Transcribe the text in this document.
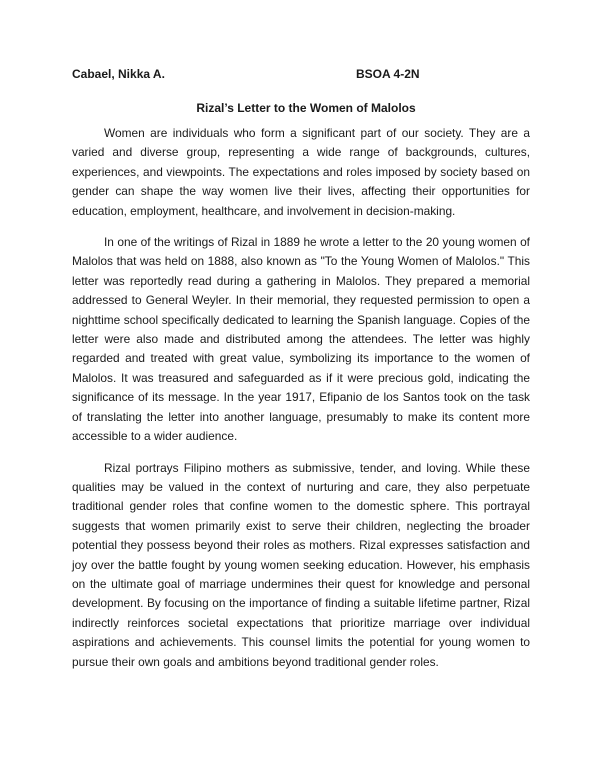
Cabael, Nikka A.	BSOA 4-2N
Rizal’s Letter to the Women of Malolos

Women are individuals who form a significant part of our society. They are a varied and diverse group, representing a wide range of backgrounds, cultures, experiences, and viewpoints. The expectations and roles imposed by society based on gender can shape the way women live their lives, affecting their opportunities for education, employment, healthcare, and involvement in decision-making.

In one of the writings of Rizal in 1889 he wrote a letter to the 20 young women of Malolos that was held on 1888, also known as "To the Young Women of Malolos." This letter was reportedly read during a gathering in Malolos. They prepared a memorial addressed to General Weyler. In their memorial, they requested permission to open a nighttime school specifically dedicated to learning the Spanish language. Copies of the letter were also made and distributed among the attendees. The letter was highly regarded and treated with great value, symbolizing its importance to the women of Malolos. It was treasured and safeguarded as if it were precious gold, indicating the significance of its message. In the year 1917, Efipanio de los Santos took on the task of translating the letter into another language, presumably to make its content more accessible to a wider audience.

Rizal portrays Filipino mothers as submissive, tender, and loving. While these qualities may be valued in the context of nurturing and care, they also perpetuate traditional gender roles that confine women to the domestic sphere. This portrayal suggests that women primarily exist to serve their children, neglecting the broader potential they possess beyond their roles as mothers. Rizal expresses satisfaction and joy over the battle fought by young women seeking education. However, his emphasis on the ultimate goal of marriage undermines their quest for knowledge and personal development. By focusing on the importance of finding a suitable lifetime partner, Rizal indirectly reinforces societal expectations that prioritize marriage over individual aspirations and achievements. This counsel limits the potential for young women to pursue their own goals and ambitions beyond traditional gender roles.
